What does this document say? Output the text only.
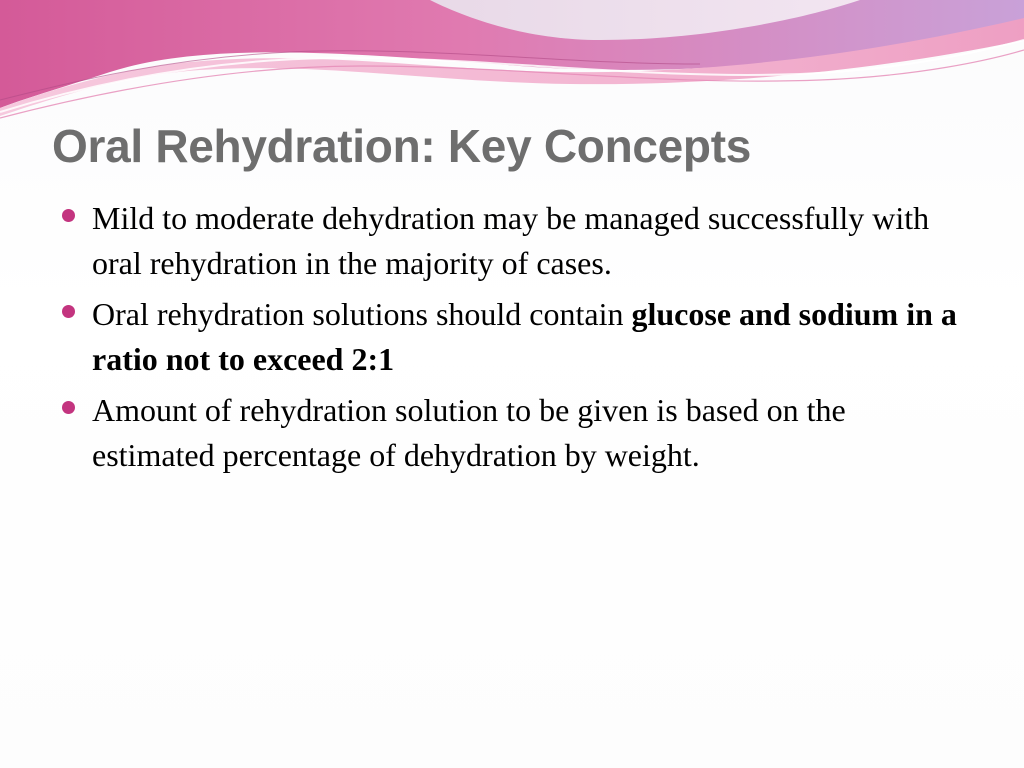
Oral Rehydration: Key Concepts
Mild to moderate dehydration may be managed successfully with oral rehydration in the majority of cases.
Oral rehydration solutions should contain glucose and sodium in a ratio not to exceed 2:1
Amount of rehydration solution to be given is based on the estimated percentage of dehydration by weight.
